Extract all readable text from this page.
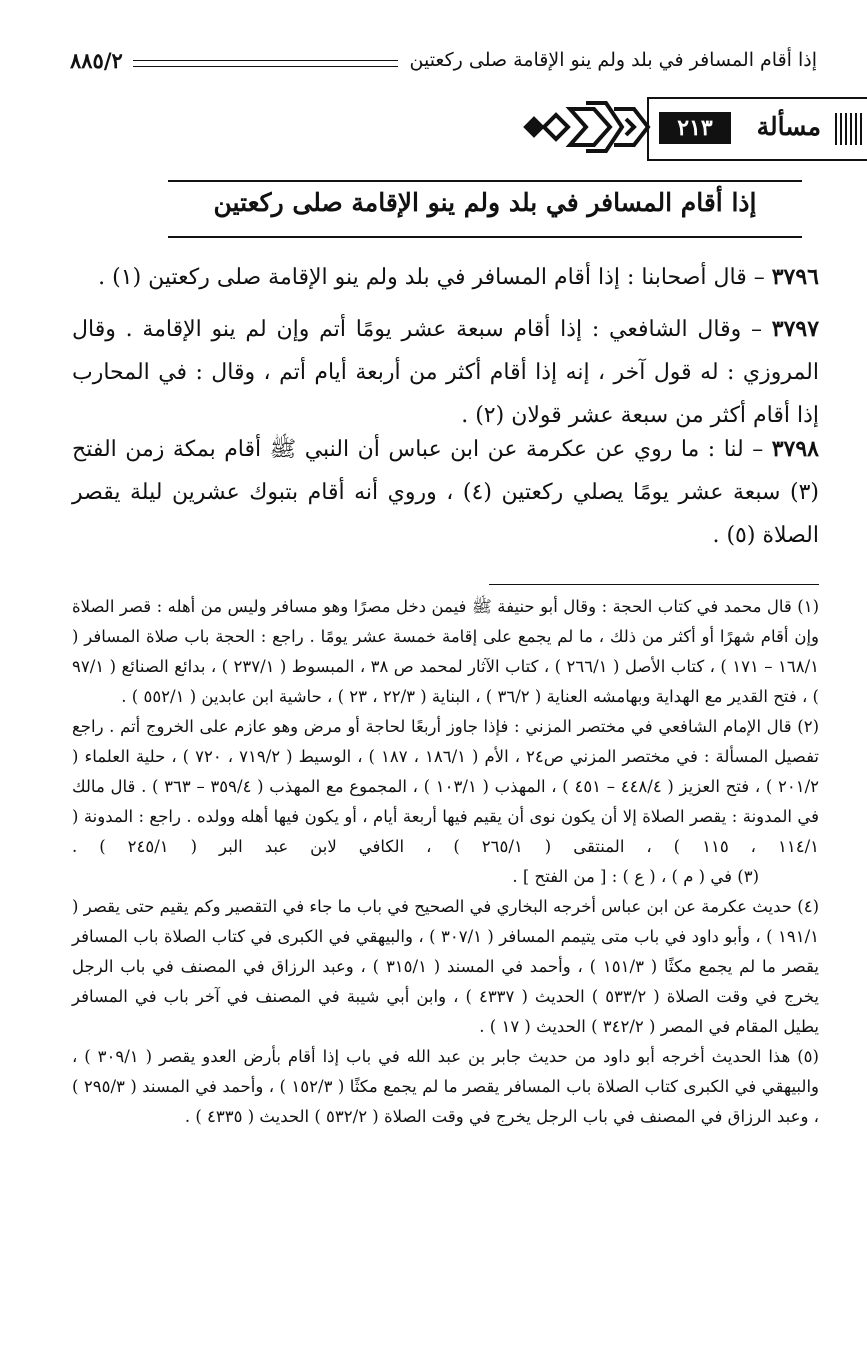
إذا أقام المسافر في بلد ولم ينو الإقامة صلى ركعتين
٨٨٥/٢
مسألة
٢١٣
إذا أقام المسافر في بلد ولم ينو الإقامة صلى ركعتين
٣٧٩٦ – قال أصحابنا : إذا أقام المسافر في بلد ولم ينو الإقامة صلى ركعتين (١) .
٣٧٩٧ – وقال الشافعي : إذا أقام سبعة عشر يومًا أتم وإن لم ينو الإقامة . وقال المروزي : له قول آخر ، إنه إذا أقام أكثر من أربعة أيام أتم ، وقال : في المحارب إذا أقام أكثر من سبعة عشر قولان (٢) .
٣٧٩٨ – لنا : ما روي عن عكرمة عن ابن عباس أن النبي ﷺ أقام بمكة زمن الفتح (٣) سبعة عشر يومًا يصلي ركعتين (٤) ، وروي أنه أقام بتبوك عشرين ليلة يقصر الصلاة (٥) .

(١) قال محمد في كتاب الحجة : وقال أبو حنيفة ﷺ فيمن دخل مصرًا وهو مسافر وليس من أهله : قصر الصلاة وإن أقام شهرًا أو أكثر من ذلك ، ما لم يجمع على إقامة خمسة عشر يومًا . راجع : الحجة باب صلاة المسافر ( ١٦٨/١ – ١٧١ ) ، كتاب الأصل ( ٢٦٦/١ ) ، كتاب الآثار لمحمد ص ٣٨ ، المبسوط ( ٢٣٧/١ ) ، بدائع الصنائع ( ٩٧/١ ) ، فتح القدير مع الهداية وبهامشه العناية ( ٣٦/٢ ) ، البناية ( ٢٢/٣ ، ٢٣ ) ، حاشية ابن عابدين ( ٥٥٢/١ ) .

(٢) قال الإمام الشافعي في مختصر المزني : فإذا جاوز أربعًا لحاجة أو مرض وهو عازم على الخروج أتم . راجع تفصيل المسألة : في مختصر المزني ص٢٤ ، الأم ( ١٨٦/١ ، ١٨٧ ) ، الوسيط ( ٧١٩/٢ ، ٧٢٠ ) ، حلية العلماء ( ٢٠١/٢ ) ، فتح العزيز ( ٤٤٨/٤ – ٤٥١ ) ، المهذب ( ١٠٣/١ ) ، المجموع مع المهذب ( ٣٥٩/٤ – ٣٦٣ ) . قال مالك في المدونة : يقصر الصلاة إلا أن يكون نوى أن يقيم فيها أربعة أيام ، أو يكون فيها أهله وولده . راجع : المدونة ( ١١٤/١ ، ١١٥ ) ، المنتقى ( ٢٦٥/١ ) ، الكافي لابن عبد البر ( ٢٤٥/١ ) .(٣) في ( م ) ، ( ع ) : [ من الفتح ] .

(٤) حديث عكرمة عن ابن عباس أخرجه البخاري في الصحيح في باب ما جاء في التقصير وكم يقيم حتى يقصر ( ١٩١/١ ) ، وأبو داود في باب متى يتيمم المسافر ( ٣٠٧/١ ) ، والبيهقي في الكبرى في كتاب الصلاة باب المسافر يقصر ما لم يجمع مكثًا ( ١٥١/٣ ) ، وأحمد في المسند ( ٣١٥/١ ) ، وعبد الرزاق في المصنف في باب الرجل يخرج في وقت الصلاة ( ٥٣٣/٢ ) الحديث ( ٤٣٣٧ ) ، وابن أبي شيبة في المصنف في آخر باب في المسافر يطيل المقام في المصر ( ٣٤٢/٢ ) الحديث ( ١٧ ) .

(٥) هذا الحديث أخرجه أبو داود من حديث جابر بن عبد الله في باب إذا أقام بأرض العدو يقصر ( ٣٠٩/١ ) ، والبيهقي في الكبرى كتاب الصلاة باب المسافر يقصر ما لم يجمع مكثًا ( ١٥٢/٣ ) ، وأحمد في المسند ( ٢٩٥/٣ ) ، وعبد الرزاق في المصنف في باب الرجل يخرج في وقت الصلاة ( ٥٣٢/٢ ) الحديث ( ٤٣٣٥ ) .
